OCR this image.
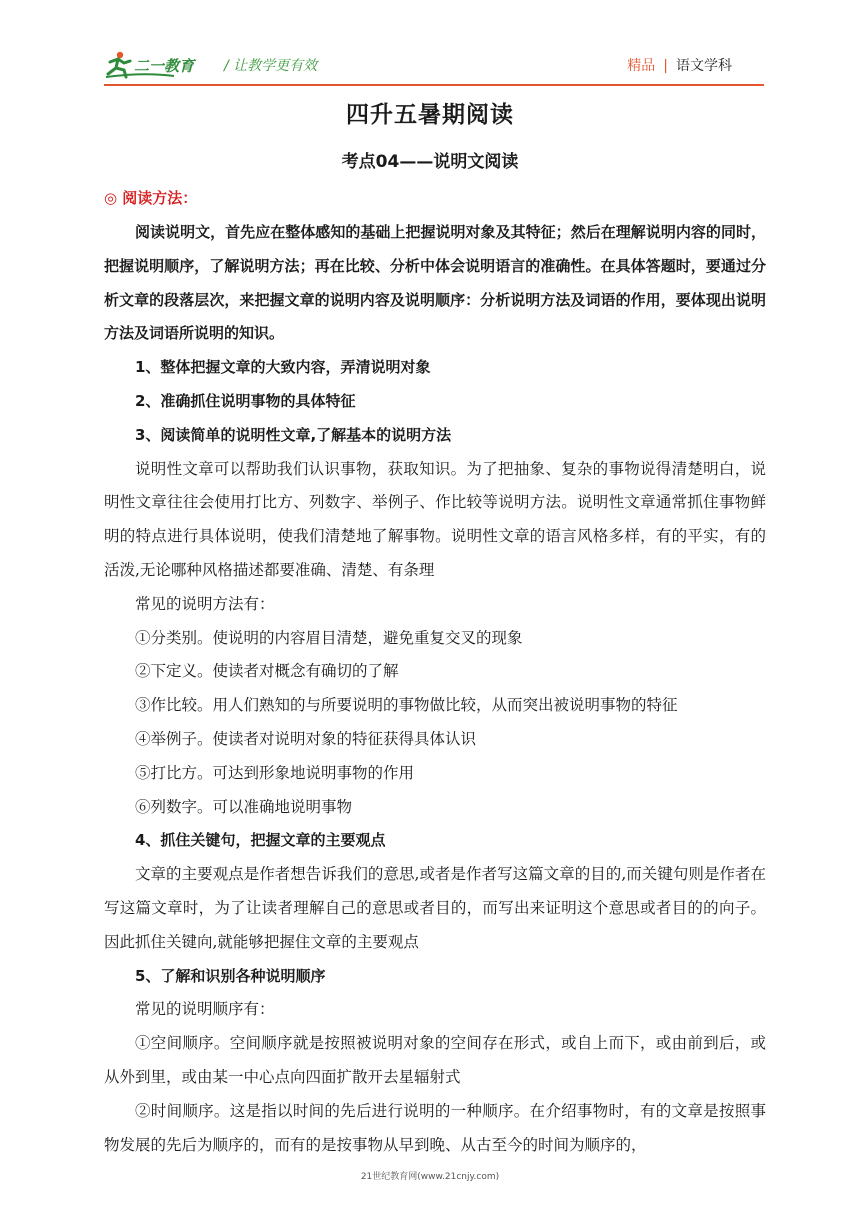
二一教育 / 让教学更有效	精品 | 语文学科
四升五暑期阅读
考点04——说明文阅读
◎ 阅读方法：

阅读说明文，首先应在整体感知的基础上把握说明对象及其特征；然后在理解说明内容的同时，把握说明顺序，了解说明方法；再在比较、分析中体会说明语言的准确性。在具体答题时，要通过分析文章的段落层次，来把握文章的说明内容及说明顺序：分析说明方法及词语的作用，要体现出说明方法及词语所说明的知识。

1、整体把握文章的大致内容，弄清说明对象

2、准确抓住说明事物的具体特征

3、阅读简单的说明性文章,了解基本的说明方法

说明性文章可以帮助我们认识事物，获取知识。为了把抽象、复杂的事物说得清楚明白，说明性文章往往会使用打比方、列数字、举例子、作比较等说明方法。说明性文章通常抓住事物鲜明的特点进行具体说明，使我们清楚地了解事物。说明性文章的语言风格多样，有的平实，有的活泼,无论哪种风格描述都要准确、清楚、有条理

常见的说明方法有：

①分类别。使说明的内容眉目清楚，避免重复交叉的现象

②下定义。使读者对概念有确切的了解

③作比较。用人们熟知的与所要说明的事物做比较，从而突出被说明事物的特征

④举例子。使读者对说明对象的特征获得具体认识

⑤打比方。可达到形象地说明事物的作用

⑥列数字。可以准确地说明事物

4、抓住关键句，把握文章的主要观点

文章的主要观点是作者想告诉我们的意思,或者是作者写这篇文章的目的,而关键句则是作者在写这篇文章时，为了让读者理解自己的意思或者目的，而写出来证明这个意思或者目的的向子。因此抓住关键向,就能够把握住文章的主要观点

5、了解和识别各种说明顺序

常见的说明顺序有：

①空间顺序。空间顺序就是按照被说明对象的空间存在形式，或自上而下，或由前到后，或从外到里，或由某一中心点向四面扩散开去星辐射式

②时间顺序。这是指以时间的先后进行说明的一种顺序。在介绍事物时，有的文章是按照事物发展的先后为顺序的，而有的是按事物从早到晚、从古至今的时间为顺序的，

21世纪教育网(www.21cnjy.com)
